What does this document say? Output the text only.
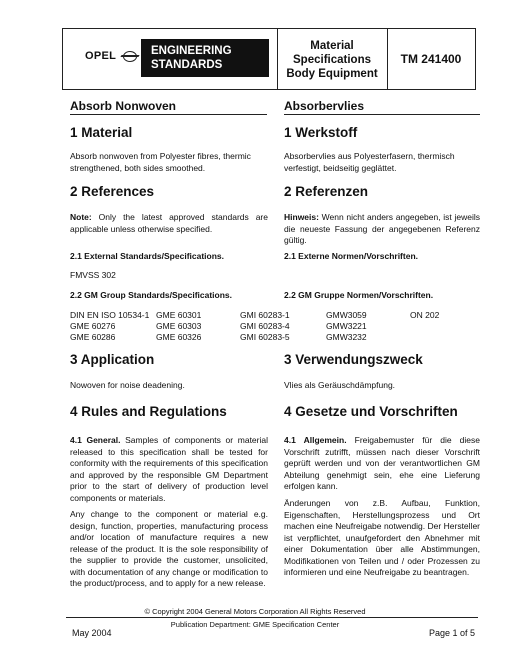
OPEL	ENGINEERING
STANDARDS
Material
Specifications
Body Equipment
TM 241400
Absorb Nonwoven
1 Material
Absorb nonwoven from Polyester fibres, thermic strengthened, both sides smoothed.
2 References
Note: Only the latest approved standards are applicable unless otherwise specified.
2.1 External Standards/Specifications.
FMVSS 302
2.2 GM Group Standards/Specifications.
DIN EN ISO 10534-1	GME 60301	GMI 60283-1	GMW3059	ON 202
GME 60276	GME 60303	GMI 60283-4	GMW3221	
GME 60286	GME 60326	GMI 60283-5	GMW3232	
3 Application
Nowoven for noise deadening.
4 Rules and Regulations
4.1 General. Samples of components or material released to this specification shall be tested for conformity with the requirements of this specification and approved by the responsible GM Department prior to the start of delivery of production level components or materials.
Any change to the component or material e.g. design, function, properties, manufacturing process and/or location of manufacture requires a new release of the product. It is the sole responsibility of the supplier to provide the customer, unsolicited, with documentation of any change or modification to the product/process, and to apply for a new release.
Absorbervlies
1 Werkstoff
Absorbervlies aus Polyesterfasern, thermisch verfestigt, beidseitig geglättet.
2 Referenzen
Hinweis: Wenn nicht anders angegeben, ist jeweils die neueste Fassung der angegebenen Referenz gültig.
2.1 Externe Normen/Vorschriften.
2.2 GM Gruppe Normen/Vorschriften.
3 Verwendungszweck
Vlies als Geräuschdämpfung.
4 Gesetze und Vorschriften
4.1 Allgemein. Freigabemuster für die diese Vorschrift zutrifft, müssen nach dieser Vorschrift geprüft werden und von der verantwortlichen GM Abteilung genehmigt sein, ehe eine Lieferung erfolgen kann.
Änderungen von z.B. Aufbau, Funktion, Eigenschaften, Herstellungsprozess und Ort machen eine Neufreigabe notwendig. Der Hersteller ist verpflichtet, unaufgefordert den Abnehmer mit einer Dokumentation über alle Abstimmungen, Modifikationen von Teilen und / oder Prozessen zu informieren und eine Neufreigabe zu beantragen.
© Copyright 2004 General Motors Corporation All Rights Reserved
Publication Department: GME Specification Center
May 2004	Page 1 of 5
